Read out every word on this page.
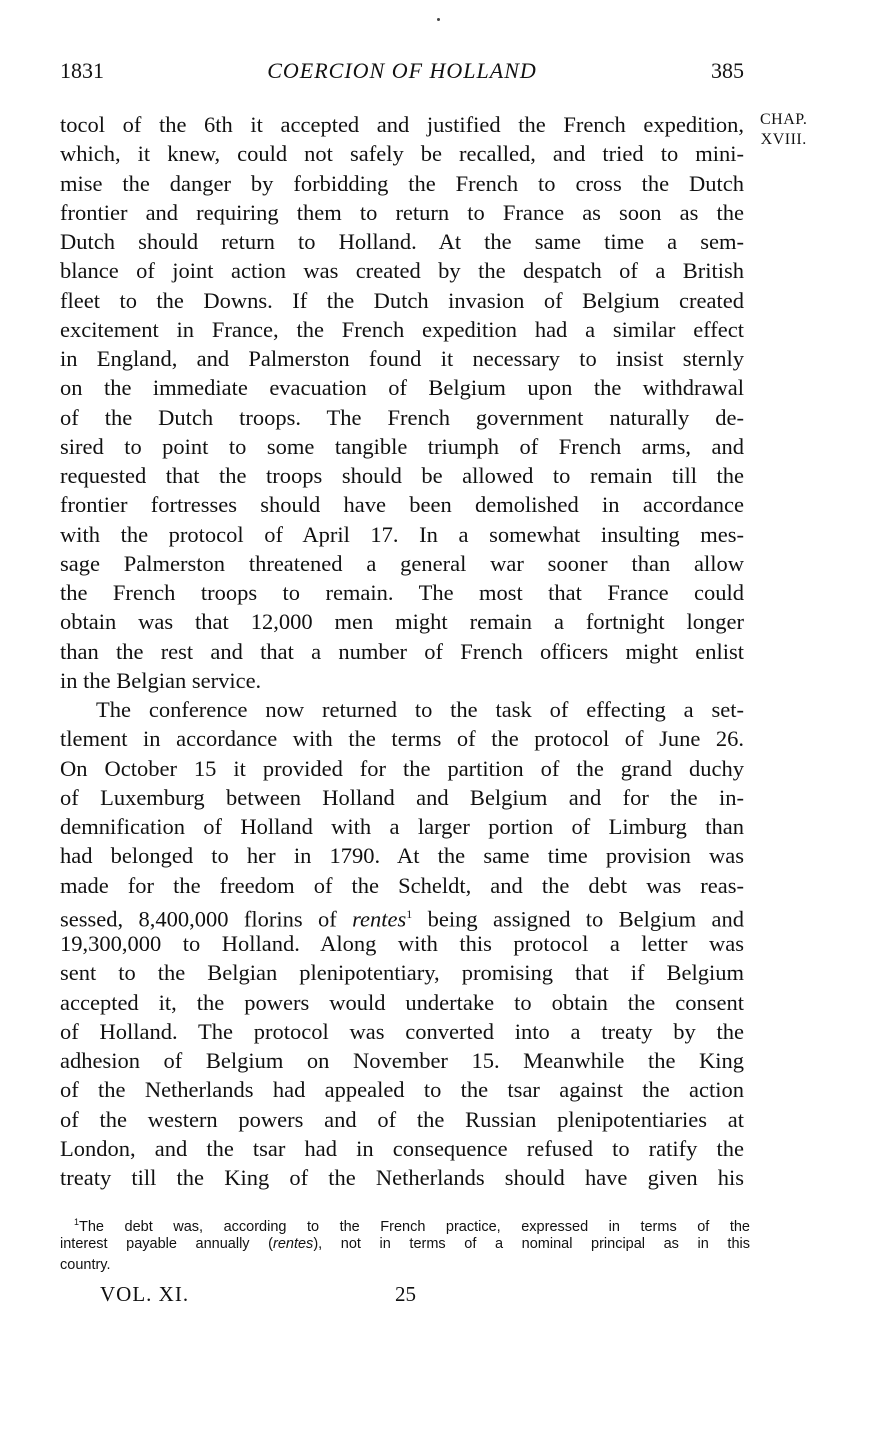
1831	COERCION OF HOLLAND	385
CHAP.
XVIII.
tocol of the 6th it accepted and justified the French expedition,
which, it knew, could not safely be recalled, and tried to mini-
mise the danger by forbidding the French to cross the Dutch
frontier and requiring them to return to France as soon as the
Dutch should return to Holland. At the same time a sem-
blance of joint action was created by the despatch of a British
fleet to the Downs. If the Dutch invasion of Belgium created
excitement in France, the French expedition had a similar effect
in England, and Palmerston found it necessary to insist sternly
on the immediate evacuation of Belgium upon the withdrawal
of the Dutch troops. The French government naturally de-
sired to point to some tangible triumph of French arms, and
requested that the troops should be allowed to remain till the
frontier fortresses should have been demolished in accordance
with the protocol of April 17. In a somewhat insulting mes-
sage Palmerston threatened a general war sooner than allow
the French troops to remain. The most that France could
obtain was that 12,000 men might remain a fortnight longer
than the rest and that a number of French officers might enlist
in the Belgian service.
The conference now returned to the task of effecting a set-
tlement in accordance with the terms of the protocol of June 26.
On October 15 it provided for the partition of the grand duchy
of Luxemburg between Holland and Belgium and for the in-
demnification of Holland with a larger portion of Limburg than
had belonged to her in 1790. At the same time provision was
made for the freedom of the Scheldt, and the debt was reas-
sessed, 8,400,000 florins of rentes$^1$ being assigned to Belgium and
19,300,000 to Holland. Along with this protocol a letter was
sent to the Belgian plenipotentiary, promising that if Belgium
accepted it, the powers would undertake to obtain the consent
of Holland. The protocol was converted into a treaty by the
adhesion of Belgium on November 15. Meanwhile the King
of the Netherlands had appealed to the tsar against the action
of the western powers and of the Russian plenipotentiaries at
London, and the tsar had in consequence refused to ratify the
treaty till the King of the Netherlands should have given his
$^1$The debt was, according to the French practice, expressed in terms of the
interest payable annually (rentes), not in terms of a nominal principal as in this
country.
VOL. XI.	25
